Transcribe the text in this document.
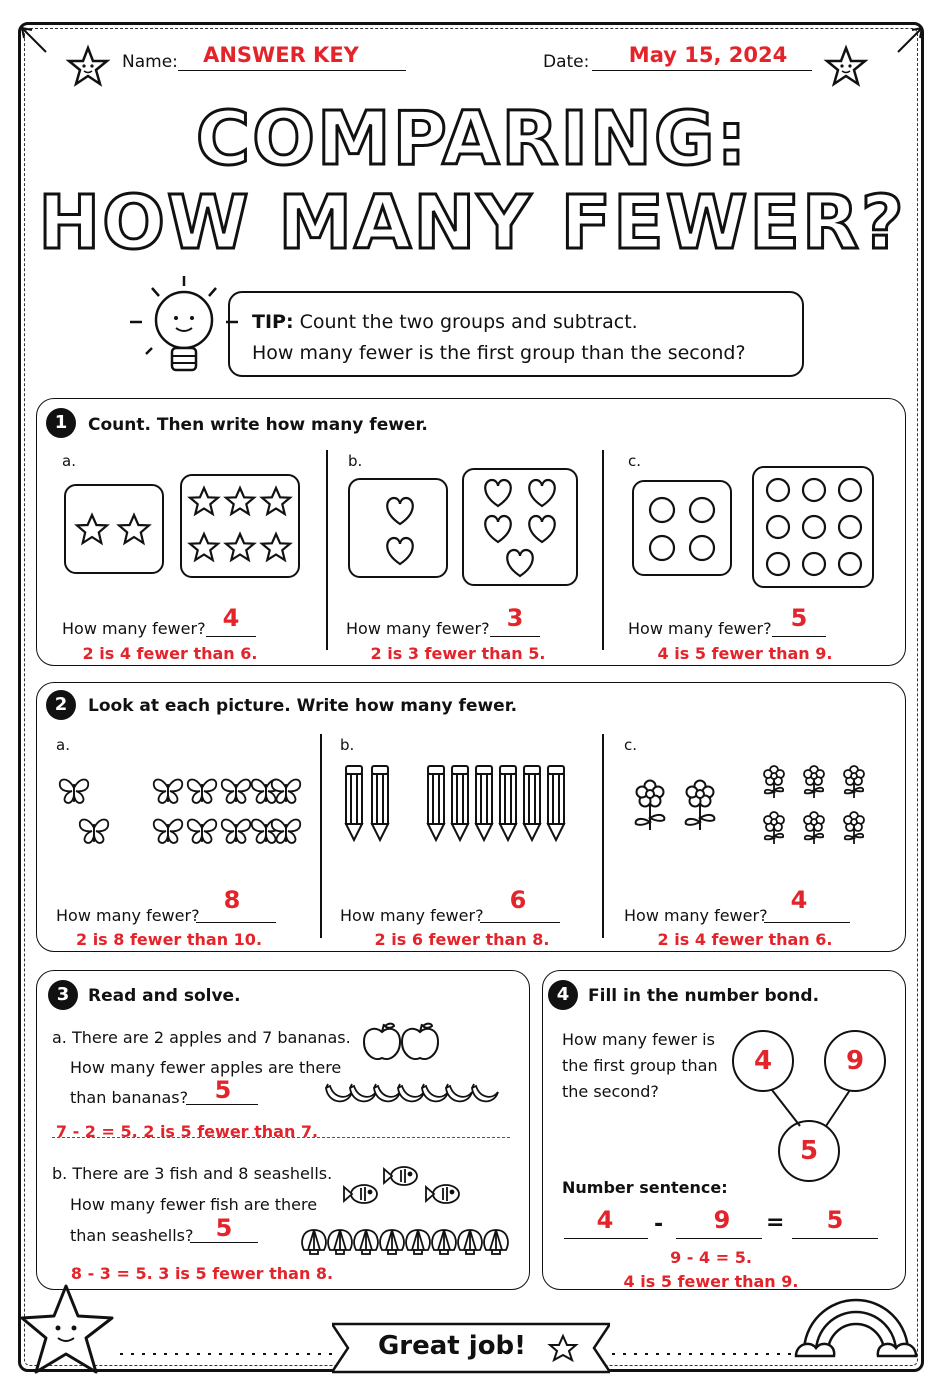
Name:	ANSWER KEY	Date:	May 15, 2024
COMPARING:
HOW MANY FEWER?
TIP: Count the two groups and subtract.
How many fewer is the first group than the second?
1	Count. Then write how many fewer.
a.	b.	c.
How many fewer? 4
2 is 4 fewer than 6.
How many fewer? 3
2 is 3 fewer than 5.
How many fewer? 5
4 is 5 fewer than 9.
2	Look at each picture. Write how many fewer.
a.	b.	c.
How many fewer?
8
2 is 8 fewer than 10.
How many fewer?
6
2 is 6 fewer than 8.
How many fewer?
4
2 is 4 fewer than 6.
3	Read and solve.
a. There are 2 apples and 7 bananas.
How many fewer apples are there
than bananas?	5
7 - 2 = 5. 2 is 5 fewer than 7.
b. There are 3 fish and 8 seashells.
How many fewer fish are there
than seashells? 5
8 - 3 = 5. 3 is 5 fewer than 8.
4	Fill in the number bond.
How many fewer is
the first group than
the second?
4	9
5
Number sentence:
4	-	9	=	5
9 - 4 = 5.
4 is 5 fewer than 9.
Great job!
